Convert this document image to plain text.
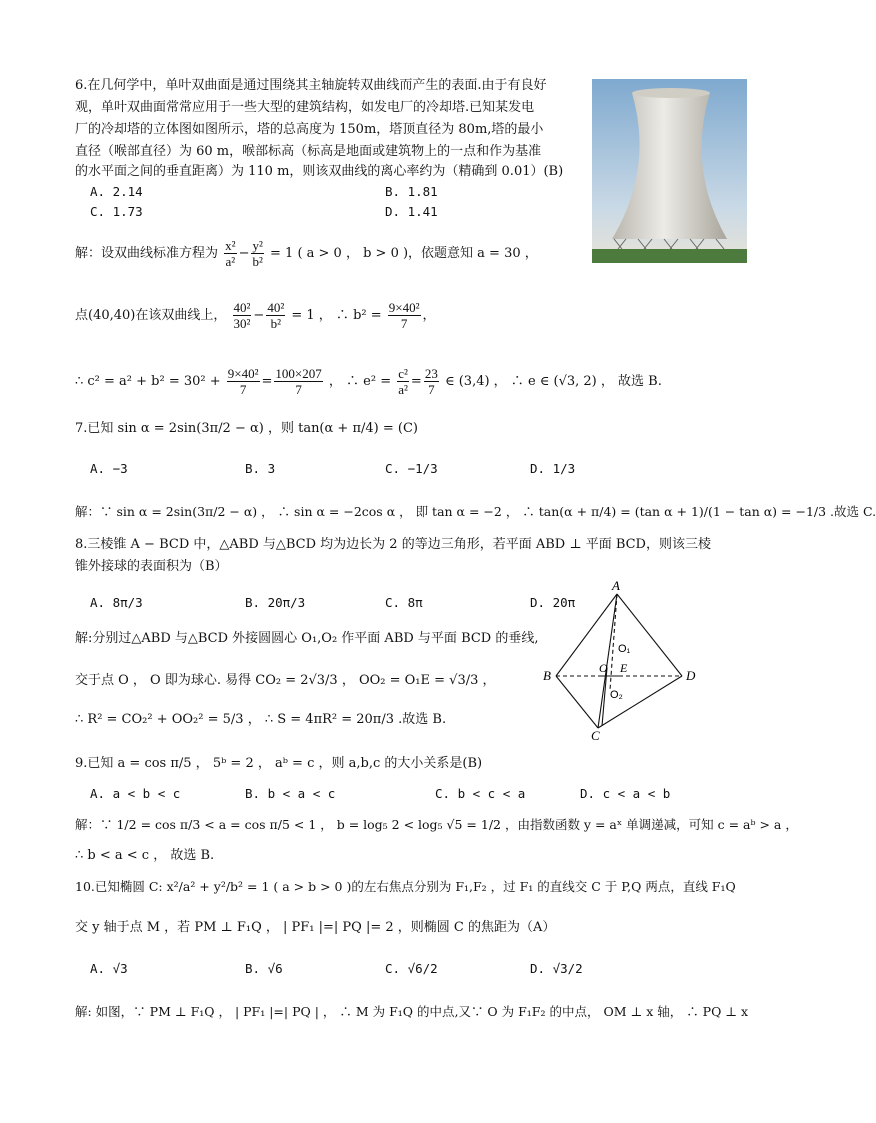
6.在几何学中，单叶双曲面是通过围绕其主轴旋转双曲线而产生的表面.由于有良好
观，单叶双曲面常常应用于一些大型的建筑结构，如发电厂的冷却塔.已知某发电
厂的冷却塔的立体图如图所示，塔的总高度为 150m，塔顶直径为 80m,塔的最小
直径（喉部直径）为 60 m，喉部标高（标高是地面或建筑物上的一点和作为基准
的水平面之间的垂直距离）为 110 m，则该双曲线的离心率约为（精确到 0.01）(B)
A. 2.14	B. 1.81
C. 1.73	D. 1.41
解：设双曲线标准方程为 $\frac{\text{x²}}{\text{a²}} - \frac{\text{y²}}{\text{b²}} = 1$ ( a > 0 ， b > 0 )，依题意知 a = 30 ，
点(40,40)在该双曲线上， $\frac{\text{40²}}{\text{30²}} - \frac{\text{40²}}{\text{b²}} = 1$ ， ∴ $b^2 = \frac{\text{9×40²}}{7}$ ，
∴ $c^2 = a^2 + b^2 = 30^2 + \frac{\text{9×40²}}{7} = \frac{100\times 207}{7}$ ， ∴ $e^2 = \frac{\text{c²}}{\text{a²}} = \frac{23}{7}$ ∈ (3,4) ， ∴ e ∈ (√3, 2) ， 故选 B.
7.已知 sin α = 2sin(3π/2 − α) ，则 tan(α + π/4) = (C)
A. −3	B. 3	C. −1/3	D. 1/3
解：∵ sin α = 2sin(3π/2 − α) ， ∴ sin α = −2cos α ， 即 tan α = −2 ， ∴ tan(α + π/4) = (tan α + 1)/(1 − tan α) = −1/3 .故选 C.
8.三棱锥 A − BCD 中，△ABD 与△BCD 均为边长为 2 的等边三角形，若平面 ABD ⊥ 平面 BCD，则该三棱
锥外接球的表面积为（B）
A. 8π/3	B. 20π/3	C. 8π	D. 20π
解:分别过△ABD 与△BCD 外接圆圆心 O₁,O₂ 作平面 ABD 与平面 BCD 的垂线,
交于点 O ， O 即为球心. 易得 CO₂ = 2√3/3 ， OO₂ = O₁E = √3/3 ，
∴ R² = CO₂² + OO₂² = 5/3 ， ∴ S = 4πR² = 20π/3 .故选 B.
A
B	D
C
O₁
O E
O₂
9.已知 a = cos π/5 ， 5ᵇ = 2 ， aᵇ = c ，则 a,b,c 的大小关系是(B)
A. a < b < c	B. b < a < c	C. b < c < a	D. c < a < b
解：∵ 1/2 = cos π/3 < a = cos π/5 < 1 ， b = log₅ 2 < log₅ √5 = 1/2 ，由指数函数 y = aˣ 单调递减，可知 c = aᵇ > a ，
∴ b < a < c ， 故选 B.
10.已知椭圆 C: x²/a² + y²/b² = 1 ( a > b > 0 )的左右焦点分别为 F₁,F₂ ，过 F₁ 的直线交 C 于 P,Q 两点，直线 F₁Q
交 y 轴于点 M ，若 PM ⊥ F₁Q ， | PF₁ |=| PQ |= 2 ，则椭圆 C 的焦距为（A）
A. √3	B. √6	C. √6/2	D. √3/2
解: 如图，∵ PM ⊥ F₁Q ， | PF₁ |=| PQ | ， ∴ M 为 F₁Q 的中点,又∵ O 为 F₁F₂ 的中点， OM ⊥ x 轴， ∴ PQ ⊥ x
